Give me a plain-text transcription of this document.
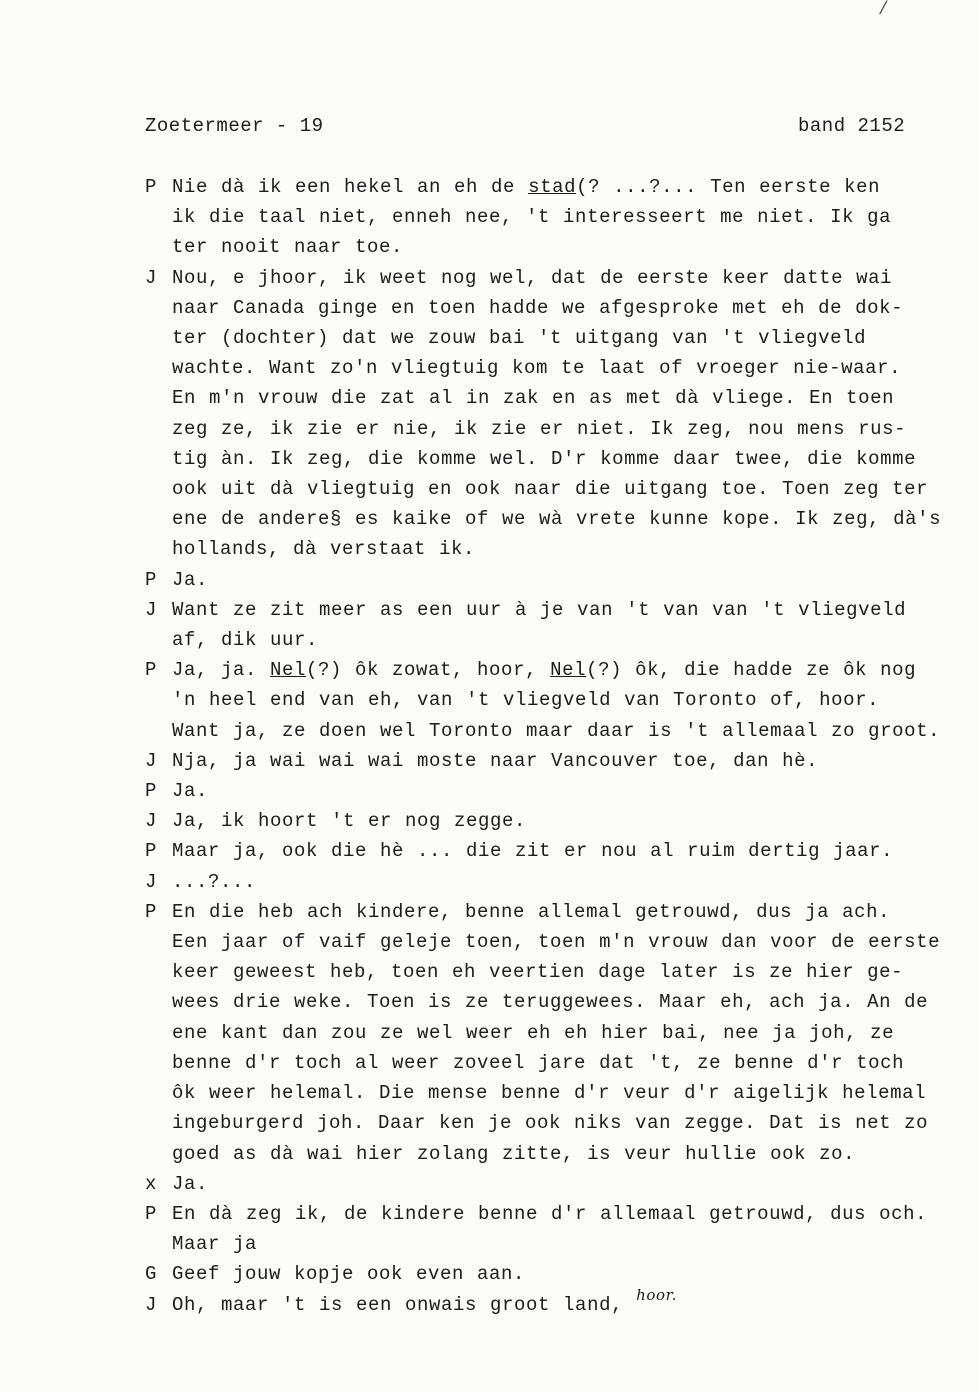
/
Zoetermeer - 19	band 2152
P Nie dà ik een hekel an eh de stad(? ...?... Ten eerste ken
ik die taal niet, enneh nee, 't interesseert me niet. Ik ga
ter nooit naar toe.
J Nou, e jhoor, ik weet nog wel, dat de eerste keer datte wai
naar Canada ginge en toen hadde we afgesproke met eh de dok-
ter (dochter) dat we zouw bai 't uitgang van 't vliegveld
wachte. Want zo'n vliegtuig kom te laat of vroeger nie-waar.
En m'n vrouw die zat al in zak en as met dà vliege. En toen
zeg ze, ik zie er nie, ik zie er niet. Ik zeg, nou mens rus-
tig àn. Ik zeg, die komme wel. D'r komme daar twee, die komme
ook uit dà vliegtuig en ook naar die uitgang toe. Toen zeg ter
ene de andere§ es kaike of we wà vrete kunne kope. Ik zeg, dà's
hollands, dà verstaat ik.
P Ja.
J Want ze zit meer as een uur à je van 't van van 't vliegveld
af, dik uur.
P Ja, ja. Nel(?) ôk zowat, hoor, Nel(?) ôk, die hadde ze ôk nog
'n heel end van eh, van 't vliegveld van Toronto of, hoor.
Want ja, ze doen wel Toronto maar daar is 't allemaal zo groot.
J Nja, ja wai wai wai moste naar Vancouver toe, dan hè.
P Ja.
J Ja, ik hoort 't er nog zegge.
P Maar ja, ook die hè ... die zit er nou al ruim dertig jaar.
J ...?...
P En die heb ach kindere, benne allemal getrouwd, dus ja ach.
Een jaar of vaif geleje toen, toen m'n vrouw dan voor de eerste
keer geweest heb, toen eh veertien dage later is ze hier ge-
wees drie weke. Toen is ze teruggewees. Maar eh, ach ja. An de
ene kant dan zou ze wel weer eh eh hier bai, nee ja joh, ze
benne d'r toch al weer zoveel jare dat 't, ze benne d'r toch
ôk weer helemal. Die mense benne d'r veur d'r aigelijk helemal
ingeburgerd joh. Daar ken je ook niks van zegge. Dat is net zo
goed as dà wai hier zolang zitte, is veur hullie ook zo.
x Ja.
P En dà zeg ik, de kindere benne d'r allemaal getrouwd, dus och.
Maar ja
G Geef jouw kopje ook even aan.
J Oh, maar 't is een onwais groot land, $^{hoor.}$
